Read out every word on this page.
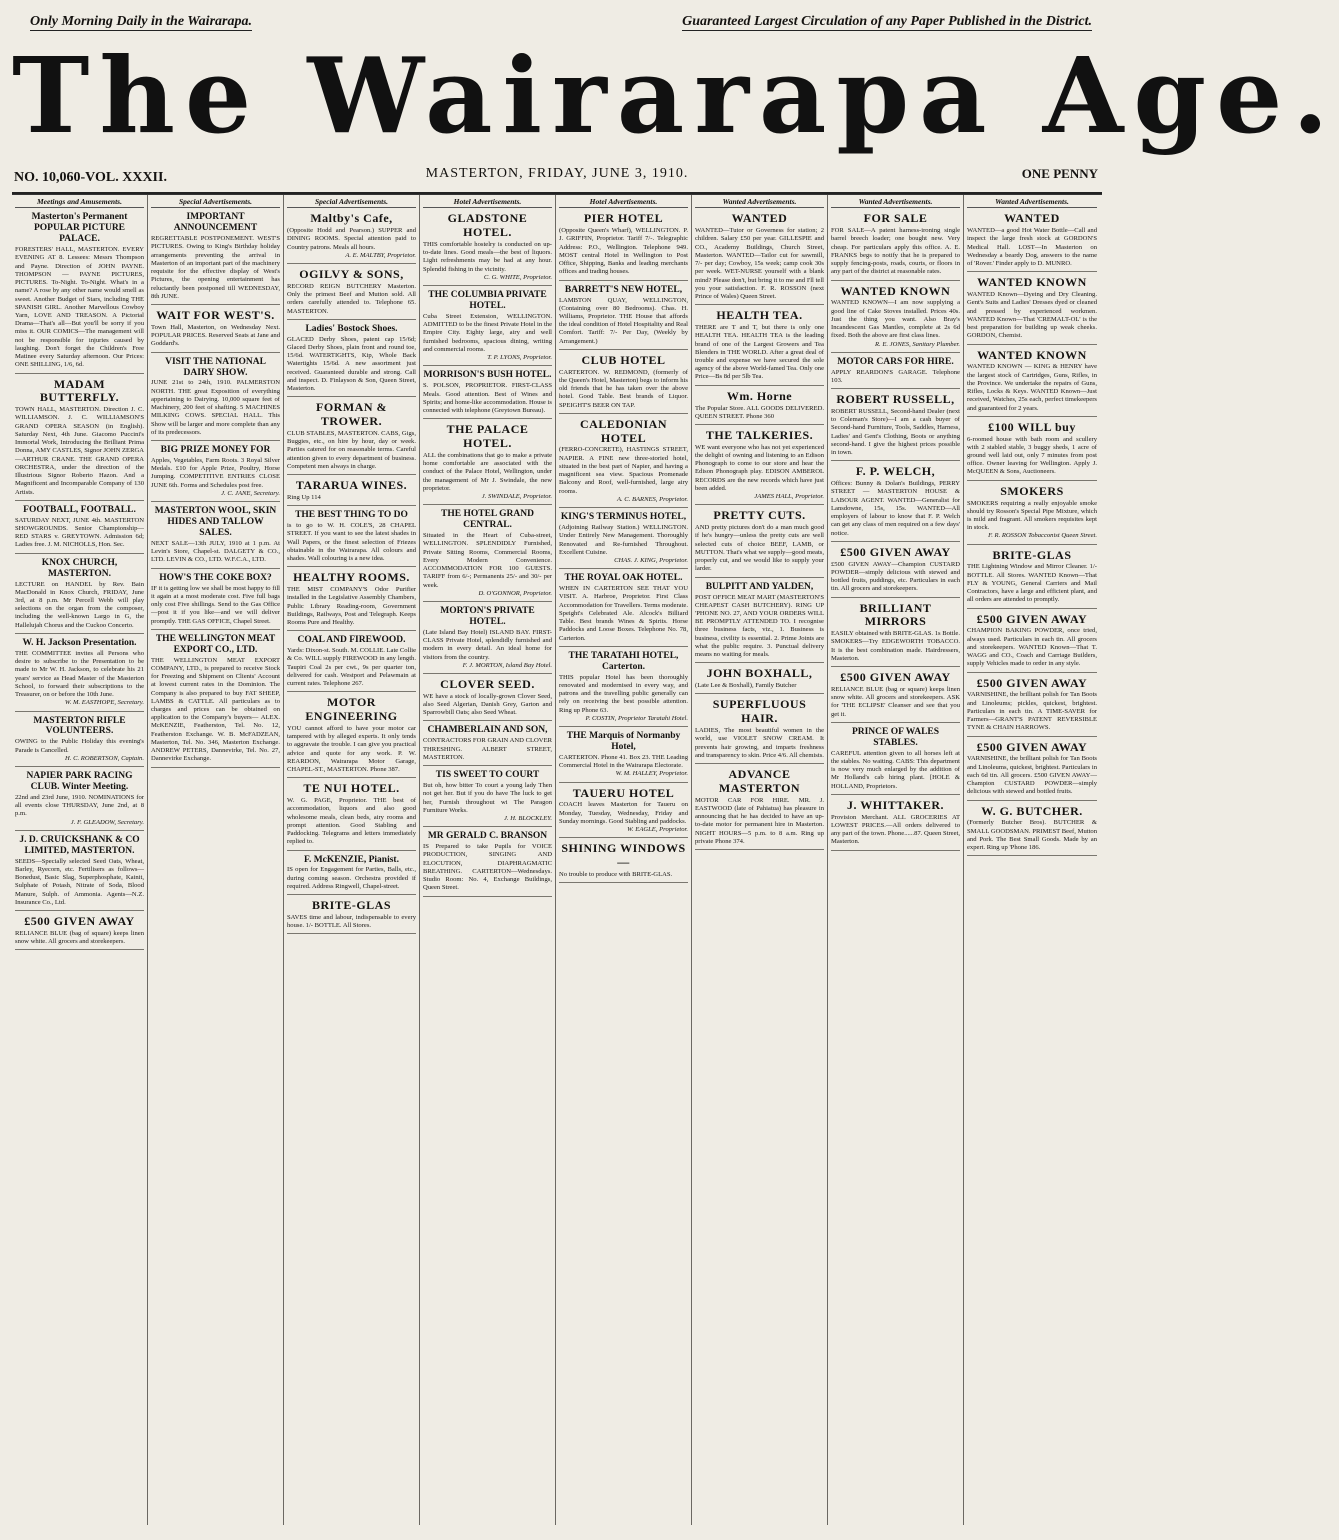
Only Morning Daily in the Wairarapa.	Guaranteed Largest Circulation of any Paper Published in the District.
The Wairarapa Age.
NO. 10,060-VOL. XXXII.	MASTERTON, FRIDAY, JUNE 3, 1910.	ONE PENNY
Meetings and Amusements.
Masterton's Permanent POPULAR PICTURE PALACE.
FORESTERS' HALL, MASTERTON. EVERY EVENING AT 8. Lessees: Messrs Thompson and Payne. Direction of JOHN PAYNE. THOMPSON — PAYNE PICTURES, PICTURES. To-Night. To-Night. What's in a name? A rose by any other name would smell as sweet. Another Budget of Stars, including THE SPANISH GIRL. Another Marvellous Cowboy Yarn, LOVE AND TREASON. A Pictorial Drama—That's all—But you'll be sorry if you miss it. OUR COMICS—The management will not be responsible for injuries caused by laughing. Don't forget the Children's Free Matinee every Saturday afternoon. Our Prices: ONE SHILLING, 1/6, 6d.
MADAM BUTTERFLY.
TOWN HALL, MASTERTON. Direction J. C. WILLIAMSON. J. C. WILLIAMSON'S GRAND OPERA SEASON (in English). Saturday Next, 4th June. Giacomo Puccini's Immortal Work, Introducing the Brilliant Prima Donna, AMY CASTLES, Signor JOHN ZERGA—ARTHUR CRANE. THE GRAND OPERA ORCHESTRA, under the direction of the Illustrious Signor Roberto Hazon. And a Magnificent and Incomparable Company of 130 Artists.
FOOTBALL, FOOTBALL.
SATURDAY NEXT, JUNE 4th. MASTERTON SHOWGROUNDS. Senior Championship—RED STARS v. GREYTOWN. Admission 6d; Ladies free. J. M. NICHOLLS, Hon. Sec.
KNOX CHURCH, MASTERTON.
LECTURE on HANDEL by Rev. Bain MacDonald in Knox Church, FRIDAY, June 3rd, at 8 p.m. Mr Percell Webb will play selections on the organ from the composer, including the well-known Largo in G, the Hallelujah Chorus and the Cuckoo Concerto.
W. H. Jackson Presentation.
THE COMMITTEE invites all Persons who desire to subscribe to the Presentation to be made to Mr W. H. Jackson, to celebrate his 21 years' service as Head Master of the Masterton School, to forward their subscriptions to the Treasurer, on or before the 10th June.
W. M. EASTHOPE, Secretary.
MASTERTON RIFLE VOLUNTEERS.
OWING to the Public Holiday this evening's Parade is Cancelled.
H. C. ROBERTSON, Captain.
NAPIER PARK RACING CLUB. Winter Meeting.
22nd and 23rd June, 1910. NOMINATIONS for all events close THURSDAY, June 2nd, at 8 p.m.
J. F. GLEADOW, Secretary.
J. D. CRUICKSHANK & CO LIMITED, MASTERTON.
SEEDS—Specially selected Seed Oats, Wheat, Barley, Ryecorn, etc. Fertilisers as follows—Bonedust, Basic Slag, Superphosphate, Kainit, Sulphate of Potash, Nitrate of Soda, Blood Manure, Sulph. of Ammonia. Agents—N.Z. Insurance Co., Ltd.
£500 GIVEN AWAY
RELIANCE BLUE (bag of square) keeps linen snow white. All grocers and storekeepers.
Special Advertisements.
IMPORTANT ANNOUNCEMENT
REGRETTABLE POSTPONEMENT. WEST'S PICTURES. Owing to King's Birthday holiday arrangements preventing the arrival in Masterton of an important part of the machinery requisite for the effective display of West's Pictures, the opening entertainment has reluctantly been postponed till WEDNESDAY, 8th JUNE.
WAIT FOR WEST'S.
Town Hall, Masterton, on Wednesday Next. POPULAR PRICES. Reserved Seats at Jane and Goddard's.
VISIT THE NATIONAL DAIRY SHOW.
JUNE 21st to 24th, 1910. PALMERSTON NORTH. THE great Exposition of everything appertaining to Dairying. 10,000 square feet of Machinery, 200 feet of shafting. 5 MACHINES MILKING COWS. SPECIAL HALL. This Show will be larger and more complete than any of its predecessors.
BIG PRIZE MONEY FOR
Apples, Vegetables, Farm Roots. 3 Royal Silver Medals. £10 for Apple Prize, Poultry, Horse Jumping. COMPETITIVE ENTRIES CLOSE JUNE 6th. Forms and Schedules post free.
J. C. JANE, Secretary.
MASTERTON WOOL, SKIN HIDES AND TALLOW SALES.
NEXT SALE—13th JULY, 1910 at 1 p.m. At Levin's Store, Chapel-st. DALGETY & CO., LTD. LEVIN & CO., LTD. W.F.C.A., LTD.
HOW'S THE COKE BOX?
IF it is getting low we shall be most happy to fill it again at a most moderate cost. Five full bags only cost Five shillings. Send to the Gas Office—post it if you like—and we will deliver promptly. THE GAS OFFICE, Chapel Street.
THE WELLINGTON MEAT EXPORT CO., LTD.
THE WELLINGTON MEAT EXPORT COMPANY, LTD., is prepared to receive Stock for Freezing and Shipment on Clients' Account at lowest current rates in the Dominion. The Company is also prepared to buy FAT SHEEP, LAMBS & CATTLE. All particulars as to charges and prices can be obtained on application to the Company's buyers— ALEX. McKENZIE, Featherston, Tel. No. 12, Featherston Exchange. W. B. McFADZEAN, Masterton, Tel. No. 346, Masterton Exchange. ANDREW PETERS, Dannevirke, Tel. No. 27, Dannevirke Exchange.
Special Advertisements.
Maltby's Cafe,
(Opposite Hodd and Pearson.) SUPPER and DINING ROOMS. Special attention paid to Country patrons. Meals all hours.
A. E. MALTBY, Proprietor.
OGILVY & SONS,
RECORD REIGN BUTCHERY Masterton. Only the primest Beef and Mutton sold. All orders carefully attended to. Telephone 65. MASTERTON.
Ladies' Bostock Shoes.
GLACED Derby Shoes, patent cap 15/6d; Glaced Derby Shoes, plain front and round toe, 15/6d. WATERTIGHTS, Kip, Whole Back Watertights 15/6d. A new assortment just received. Guaranteed durable and strong. Call and inspect. D. Finlayson & Son, Queen Street, Masterton.
FORMAN & TROWER.
CLUB STABLES, MASTERTON. CABS, Gigs, Buggies, etc., on hire by hour, day or week. Parties catered for on reasonable terms. Careful attention given to every department of business. Competent men always in charge.
TARARUA WINES.
Ring Up 114
THE BEST THING TO DO
is to go to W. H. COLE'S, 28 CHAPEL STREET. If you want to see the latest shades in Wall Papers, or the finest selection of Friezes obtainable in the Wairarapa. All colours and shades. Wall colouring is a new idea.
HEALTHY ROOMS.
THE MIST COMPANY'S Odor Purifier installed in the Legislative Assembly Chambers, Public Library Reading-room, Government Buildings, Railways, Post and Telegraph. Keeps Rooms Pure and Healthy.
COAL AND FIREWOOD.
Yards: Dixon-st. South. M. COLLIE. Late Collie & Co. WILL supply FIREWOOD in any length. Taupiri Coal 2s per cwt., 9s per quarter ton, delivered for cash. Westport and Pelawmain at current rates. Telephone 267.
MOTOR ENGINEERING
YOU cannot afford to have your motor car tampered with by alleged experts. It only tends to aggravate the trouble. I can give you practical advice and quote for any work. P. W. REARDON, Wairarapa Motor Garage, CHAPEL-ST., MASTERTON. Phone 387.
TE NUI HOTEL.
W. G. PAGE, Proprietor. THE best of accommodation, liquors and also good wholesome meals, clean beds, airy rooms and prompt attention. Good Stabling and Paddocking. Telegrams and letters immediately replied to.
F. McKENZIE, Pianist.
IS open for Engagement for Parties, Balls, etc., during coming season. Orchestra provided if required. Address Ringwell, Chapel-street.
BRITE-GLAS
SAVES time and labour, indispensable to every house. 1/- BOTTLE. All Stores.
Hotel Advertisements.
GLADSTONE HOTEL.
THIS comfortable hostelry is conducted on up-to-date lines. Good meals—the best of liquors. Light refreshments may be had at any hour. Splendid fishing in the vicinity.
C. G. WHITE, Proprietor.
THE COLUMBIA PRIVATE HOTEL.
Cuba Street Extension, WELLINGTON. ADMITTED to be the finest Private Hotel in the Empire City. Eighty large, airy and well furnished bedrooms, spacious dining, writing and commercial rooms.
T. P. LYONS, Proprietor.
MORRISON'S BUSH HOTEL.
S. POLSON, PROPRIETOR. FIRST-CLASS Meals. Good attention. Best of Wines and Spirits; and home-like accommodation. House is connected with telephone (Greytown Bureau).
THE PALACE HOTEL.
ALL the combinations that go to make a private home comfortable are associated with the conduct of the Palace Hotel, Wellington, under the management of Mr J. Swindale, the new proprietor.
J. SWINDALE, Proprietor.
THE HOTEL GRAND CENTRAL.
Situated in the Heart of Cuba-street, WELLINGTON. SPLENDIDLY Furnished, Private Sitting Rooms, Commercial Rooms, Every Modern Convenience. ACCOMMODATION FOR 100 GUESTS. TARIFF from 6/-; Permanents 25/- and 30/- per week.
D. O'GONNOR, Proprietor.
MORTON'S PRIVATE HOTEL.
(Late Island Bay Hotel) ISLAND BAY. FIRST-CLASS Private Hotel, splendidly furnished and modern in every detail. An ideal home for visitors from the country.
F. J. MORTON, Island Bay Hotel.
CLOVER SEED.
WE have a stock of locally-grown Clover Seed, also Seed Algerian, Danish Grey, Garton and Sparrowbill Oats; also Seed Wheat.
CHAMBERLAIN AND SON,
CONTRACTORS FOR GRAIN AND CLOVER THRESHING. ALBERT STREET, MASTERTON.
TIS SWEET TO COURT
But oh, how bitter To court a young lady Then not get her. But if you do have The luck to get her, Furnish throughout wi The Paragon Furniture Works.
J. H. BLOCKLEY.
MR GERALD C. BRANSON
IS Prepared to take Pupils for VOICE PRODUCTION, SINGING AND ELOCUTION, DIAPHRAGMATIC BREATHING. CARTERTON—Wednesdays. Studio Room: No. 4, Exchange Buildings, Queen Street.
Hotel Advertisements.
PIER HOTEL
(Opposite Queen's Wharf), WELLINGTON. P. J. GRIFFIN, Proprietor. Tariff 7/-. Telegraphic Address: P.O., Wellington. Telephone 949. MOST central Hotel in Wellington to Post Office, Shipping, Banks and leading merchants offices and trading houses.
BARRETT'S NEW HOTEL,
LAMBTON QUAY, WELLINGTON, (Containing over 80 Bedrooms). Chas. H. Williams, Proprietor. THE House that affords the ideal condition of Hotel Hospitality and Real Comfort. Tariff: 7/- Per Day, (Weekly by Arrangement.)
CLUB HOTEL
CARTERTON. W. REDMOND, (formerly of the Queen's Hotel, Masterton) begs to inform his old friends that he has taken over the above hotel. Good Table. Best brands of Liquor. SPEIGHT'S BEER ON TAP.
CALEDONIAN HOTEL
(FERRO-CONCRETE), HASTINGS STREET, NAPIER. A FINE new three-storied hotel, situated in the best part of Napier, and having a magnificent sea view. Spacious Promenade Balcony and Roof, well-furnished, large airy rooms.
A. C. BARNES, Proprietor.
KING'S TERMINUS HOTEL,
(Adjoining Railway Station.) WELLINGTON. Under Entirely New Management. Thoroughly Renovated and Re-furnished Throughout. Excellent Cuisine.
CHAS. J. KING, Proprietor.
THE ROYAL OAK HOTEL.
WHEN IN CARTERTON SEE THAT YOU VISIT. A. Harbroe, Proprietor. First Class Accommodation for Travellers. Terms moderate. Speight's Celebrated Ale. Alcock's Billiard Table. Best brands Wines & Spirits. Horse Paddocks and Loose Boxes. Telephone No. 78, Carterton.
THE TARATAHI HOTEL, Carterton.
THIS popular Hotel has been thoroughly renovated and modernised in every way, and patrons and the travelling public generally can rely on receiving the best possible attention. Ring up Phone 63.
P. COSTIN, Proprietor Taratahi Hotel.
THE Marquis of Normanby Hotel,
CARTERTON. Phone 41. Box 23. THE Leading Commercial Hotel in the Wairarapa Electorate.
W. M. HALLEY, Proprietor.
TAUERU HOTEL
COACH leaves Masterton for Taueru on Monday, Tuesday, Wednesday, Friday and Sunday mornings. Good Stabling and paddocks.
W. EAGLE, Proprietor.
SHINING WINDOWS—
No trouble to produce with BRITE-GLAS.
Wanted Advertisements.
WANTED
WANTED—Tutor or Governess for station; 2 children. Salary £50 per year. GILLESPIE and CO., Academy Buildings, Church Street, Masterton. WANTED—Tailor cut for sawmill, 7/- per day; Cowboy, 15s week; camp cook 30s per week. WET-NURSE yourself with a blank mind? Please don't, but bring it to me and I'll tell you your satisfaction. F. R. ROSSON (next Prince of Wales) Queen Street.
HEALTH TEA.
THERE are T and T, but there is only one HEALTH TEA. HEALTH TEA is the leading brand of one of the Largest Growers and Tea Blenders in THE WORLD. After a great deal of trouble and expense we have secured the sole agency of the above World-famed Tea. Only one Price—Bs 8d per 5lb Tea.
Wm. Horne
The Popular Store. ALL GOODS DELIVERED. QUEEN STREET. Phone 360
THE TALKERIES.
WE want everyone who has not yet experienced the delight of owning and listening to an Edison Phonograph to come to our store and hear the Edison Phonograph play. EDISON AMBEROL RECORDS are the new records which have just been added.
JAMES HALL, Proprietor.
PRETTY CUTS.
AND pretty pictures don't do a man much good if he's hungry—unless the pretty cuts are well selected cuts of choice BEEF, LAMB, or MUTTON. That's what we supply—good meats, properly cut, and we would like to supply your larder.
BULPITT AND YALDEN,
POST OFFICE MEAT MART (MASTERTON'S CHEAPEST CASH BUTCHERY). RING UP 'PHONE NO. 27, AND YOUR ORDERS WILL BE PROMPTLY ATTENDED TO. I recognise three business facts, viz., 1. Business is business, civility is essential. 2. Prime Joints are what the public require. 3. Punctual delivery means no waiting for meals.
JOHN BOXHALL,
(Late Lee & Boxhall), Family Butcher
SUPERFLUOUS HAIR.
LADIES, The most beautiful women in the world, use VIOLET SNOW CREAM. It prevents hair growing, and imparts freshness and transparency to skin. Price 4/6. All chemists.
ADVANCE MASTERTON
MOTOR CAR FOR HIRE. MR. J. EASTWOOD (late of Pahiatua) has pleasure in announcing that he has decided to have an up-to-date motor for permanent hire in Masterton. NIGHT HOURS—5 p.m. to 8 a.m. Ring up private Phone 374.
Wanted Advertisements.
FOR SALE
FOR SALE—A patent harness-ironing single barrel breech loader; one bought new. Very cheap. For particulars apply this office. A. E. FRANKS begs to notify that he is prepared to supply fencing-posts, roads, courts, or floors in any part of the district at reasonable rates.
WANTED KNOWN
WANTED KNOWN—I am now supplying a good line of Cake Stoves installed. Prices 40s. Just the thing you want. Also Bray's Incandescent Gas Mantles, complete at 2s 6d fixed. Both the above are first class lines.
R. E. JONES, Sanitary Plumber.
MOTOR CARS FOR HIRE.
APPLY REARDON'S GARAGE. Telephone 103.
ROBERT RUSSELL,
ROBERT RUSSELL, Second-hand Dealer (next to Coleman's Store)—I am a cash buyer of Second-hand Furniture, Tools, Saddles, Harness, Ladies' and Gent's Clothing, Boots or anything second-hand. I give the highest prices possible in town.
F. P. WELCH,
Offices: Bunny & Dolan's Buildings, PERRY STREET — MASTERTON HOUSE & LABOUR AGENT. WANTED—Generalist for Lansdowne, 15s, 15s. WANTED—All employers of labour to know that F. P. Welch can get any class of men required on a few days' notice.
£500 GIVEN AWAY
£500 GIVEN AWAY—Champion CUSTARD POWDER—simply delicious with stewed and bottled fruits, puddings, etc. Particulars in each tin. All grocers and storekeepers.
BRILLIANT MIRRORS
EASILY obtained with BRITE-GLAS. 1s Bottle. SMOKERS—Try EDGEWORTH TOBACCO. It is the best combination made. Hairdressers, Masterton.
£500 GIVEN AWAY
RELIANCE BLUE (bag or square) keeps linen snow white. All grocers and storekeepers. ASK for 'THE ECLIPSE' Cleanser and see that you get it.
PRINCE OF WALES STABLES.
CAREFUL attention given to all horses left at the stables. No waiting. CABS: This department is now very much enlarged by the addition of Mr Holland's cab hiring plant. [HOLE & HOLLAND, Proprietors.
J. WHITTAKER.
Provision Merchant. ALL GROCERIES AT LOWEST PRICES.—All orders delivered to any part of the town. Phone......87. Queen Street, Masterton.
Wanted Advertisements.
WANTED
WANTED—a good Hot Water Bottle—Call and inspect the large fresh stock at GORDON'S Medical Hall. LOST—In Masterton on Wednesday a beardy Dog, answers to the name of 'Rover.' Finder apply to D. MUNRO.
WANTED KNOWN
WANTED Known—Dyeing and Dry Cleaning. Gent's Suits and Ladies' Dresses dyed or cleaned and pressed by experienced workmen. WANTED Known—That 'CREMALT-OL' is the best preparation for building up weak cheeks. GORDON, Chemist.
WANTED KNOWN
WANTED KNOWN — KING & HENRY have the largest stock of Cartridges, Guns, Rifles, in the Province. We undertake the repairs of Guns, Rifles, Locks & Keys. WANTED Known—Just received, Watches, 25s each, perfect timekeepers and guaranteed for 2 years.
£100 WILL buy
6-roomed house with bath room and scullery with 2 stabled stable, 3 buggy sheds, 1 acre of ground well laid out, only 7 minutes from post office. Owner leaving for Wellington. Apply J. McQUEEN & Sons, Auctioneers.
SMOKERS
SMOKERS requiring a really enjoyable smoke should try Rosson's Special Pipe Mixture, which is mild and fragrant. All smokers requisites kept in stock.
F. R. ROSSON Tobacconist Queen Street.
BRITE-GLAS
THE Lightning Window and Mirror Cleaner. 1/- BOTTLE. All Stores. WANTED Known—That FLY & YOUNG, General Carriers and Mail Contractors, have a large and efficient plant, and all orders are attended to promptly.
£500 GIVEN AWAY
CHAMPION BAKING POWDER, once tried, always used. Particulars in each tin. All grocers and storekeepers. WANTED Known—That T. WAGG and CO., Coach and Carriage Builders, supply Vehicles made to order in any style.
£500 GIVEN AWAY
VARNISHINE, the brilliant polish for Tan Boots and Linoleums; pickles, quickest, brightest. Particulars in each tin. A TIME-SAVER for Farmers—GRANT'S PATENT REVERSIBLE TYNE & CHAIN HARROWS.
£500 GIVEN AWAY
VARNISHINE, the brilliant polish for Tan Boots and Linoleums, quickest, brightest. Particulars in each 6d tin. All grocers. £500 GIVEN AWAY—Champion CUSTARD POWDER—simply delicious with stewed and bottled fruits.
W. G. BUTCHER.
(Formerly Butcher Bros). BUTCHER & SMALL GOODSMAN. PRIMEST Beef, Mutton and Pork. The Best Small Goods. Made by an expert. Ring up 'Phone 186.
